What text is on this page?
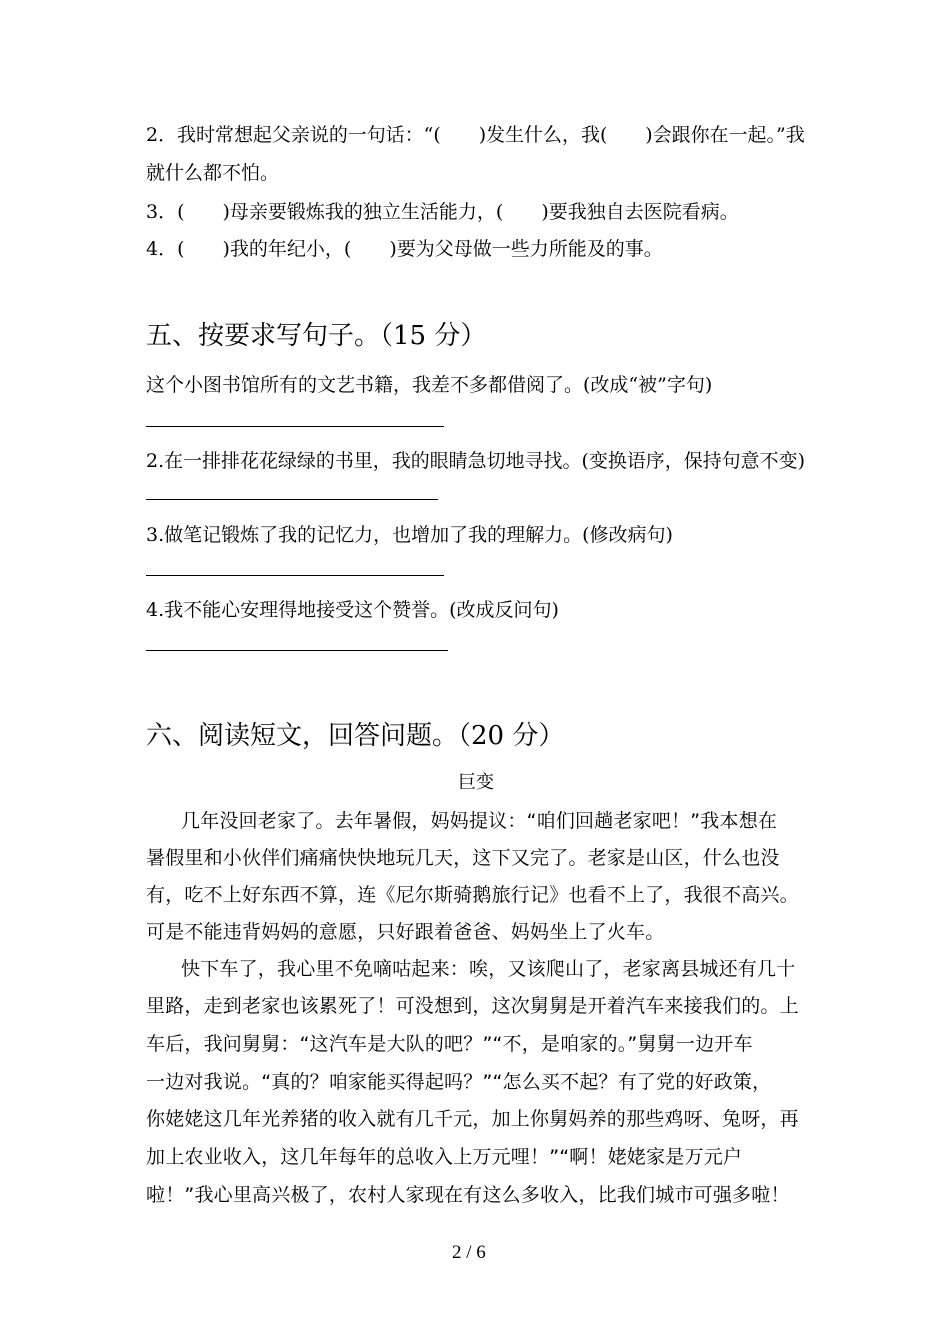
2．我时常想起父亲说的一句话：“(　　)发生什么，我(　　)会跟你在一起。”我
就什么都不怕。
3．(　　)母亲要锻炼我的独立生活能力，(　　)要我独自去医院看病。
4．(　　)我的年纪小，(　　)要为父母做一些力所能及的事。
五、按要求写句子。（15 分）
这个小图书馆所有的文艺书籍，我差不多都借阅了。(改成“被”字句)
2.在一排排花花绿绿的书里，我的眼睛急切地寻找。(变换语序，保持句意不变)
3.做笔记锻炼了我的记忆力，也增加了我的理解力。(修改病句)
4.我不能心安理得地接受这个赞誉。(改成反问句)
六、阅读短文，回答问题。（20 分）
巨变
几年没回老家了。去年暑假，妈妈提议：“咱们回趟老家吧！”我本想在
暑假里和小伙伴们痛痛快快地玩几天，这下又完了。老家是山区，什么也没
有，吃不上好东西不算，连《尼尔斯骑鹅旅行记》也看不上了，我很不高兴。
可是不能违背妈妈的意愿，只好跟着爸爸、妈妈坐上了火车。
快下车了，我心里不免嘀咕起来：唉，又该爬山了，老家离县城还有几十
里路，走到老家也该累死了！可没想到，这次舅舅是开着汽车来接我们的。上
车后，我问舅舅：“这汽车是大队的吧？”“不，是咱家的。”舅舅一边开车
一边对我说。“真的？咱家能买得起吗？”“怎么买不起？有了党的好政策，
你姥姥这几年光养猪的收入就有几千元，加上你舅妈养的那些鸡呀、兔呀，再
加上农业收入，这几年每年的总收入上万元哩！”“啊！姥姥家是万元户
啦！”我心里高兴极了，农村人家现在有这么多收入，比我们城市可强多啦！
2 / 6
